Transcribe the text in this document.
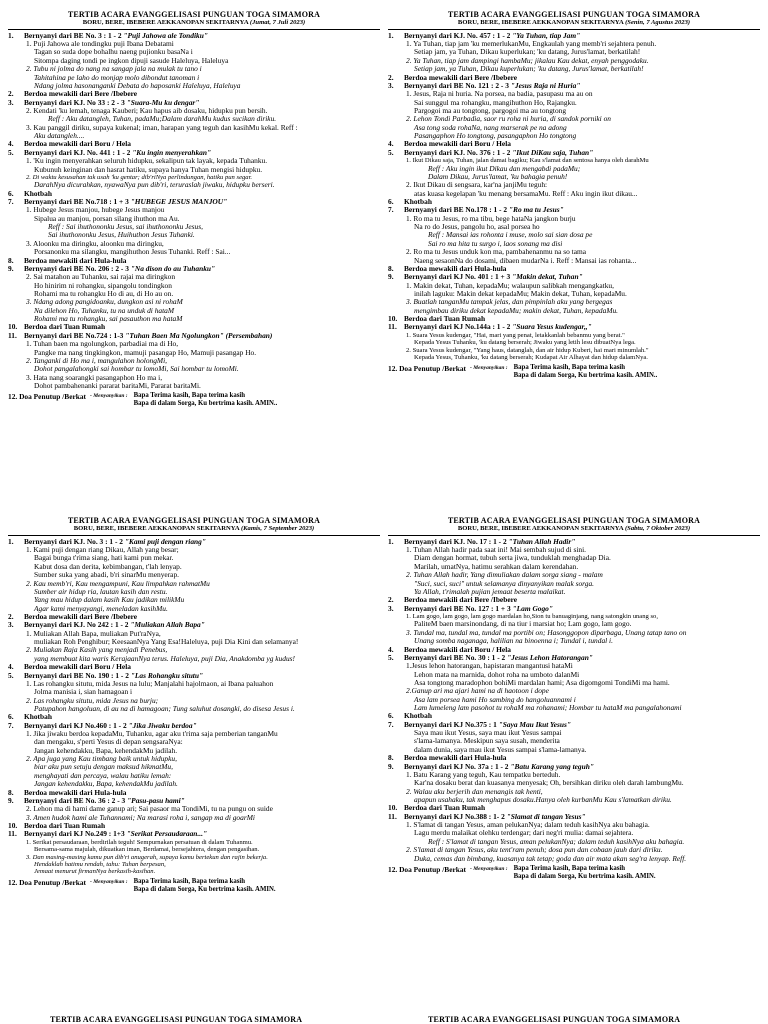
TERTIB ACARA EVANGGELISASI PUNGUAN TOGA SIMAMORA
BORU, BERE, IBEBERE AEKKANOPAN SEKITARNYA (Jumat, 7 Juli 2023)
1.	Bernyanyi dari BE No. 3 : 1 - 2 "Puji Jahowa ale Tondiku"
1. Puji Jahowa ale tondingku puji Ibana Debatami
Tagan so suda dope bohalhu naeng pujionku basaNa i
Sitompa daging tondi pe ingkon dipuji sasude Haleluya, Haleluya
2. Tubu ni jolma do nang na sangap jala na mulak tu tano i
Tahitahina pe laho do monjap molo dibondut tanoman i
Ndang jolma hasonanganki Debata do haposanki Haleluya, Haleluya
2.	Berdoa mewakili dari Bere /Ibebere
3.	Bernyanyi dari KJ. No 33 : 2 - 3 "Suara-Mu ku dengar"
2. Kendati 'ku lemah, tenaga Kauberi; Kau hapus aib dosaku, hidupku pun bersih.
Reff : Aku datangleh, Tuhan, padaMu;Dalam darahMu kudus sucikan diriku.
3. Kau panggil diriku, supaya kukenal; iman, harapan yang teguh dan kasihMu kekal. Reff :
Aku datangleh....
4.	Berdoa mewakili dari Boru / Hela
5.	Bernyanyi dari KJ. No. 441 : 1 - 2 "Ku ingin menyerahkan"
1. 'Ku ingin menyerahkan seluruh hidupku, sekalipun tak layak, kepada Tuhanku.
Kubunuh keinginan dan hasrat hatiku, supaya hanya Tuhan mengisi hidupku.
2. Di waktu kesusahan tak usah 'ku gentar; dib'riNya perlindungan, hatiku pun segar.
DarahNya dicurahkan, nyawaNya pun dib'ri, teruraslah jiwaku, hidupku berseri.
6.	Khotbah
7.	Bernyanyi dari BE No.718 : 1 + 3 "HUBEGE JESUS MANJOU"
1. Hubege Jesus manjou, hubege Jesus manjou
Sipalua au manjou, porsan silang ihuthon ma Au.
Reff : Sai ihuthononku Jesus, sai ihuthononku Jesus,
Sai ihuthononku Jesus, Huihuthon Jesus Tuhanki.
3. Aloonku ma diringku, aloonku ma diringku,
Porsanonku ma silangku, mangihuthon Jesus Tuhanki. Reff : Sai...
8.	Berdoa mewakili dari Hula-hula
9.	Bernyanyi dari BE No. 206 : 2 - 3 "Na dison do au Tuhanku"
2. Sai matahon au Tuhanku, sai rajai ma diringkon
Ho hinirim ni rohangku, sipangolu tondingkon
Rohami ma tu rohangku Ho di au, di Ho au on.
3. Ndang adong pangidoanku, dungkon asi ni rohaM
Na dilehon Ho, Tuhanku, tu na unduk di hataM
Rohami ma tu rohangku, sai pasauthon ma hataM
10. Berdoa dari Tuan Rumah
11. Bernyanyi dari BE No.724 : 1-3 "Tuhan Baen Ma Ngolungkon" (Persembahan)
1. Tuhan baen ma ngolungkon, parbadiai ma di Ho,
Pangke ma nang tingkingkon, mamuji pasangap Ho, Mamuji pasangap Ho.
2. Tanganki di Ho ma i, mangulahon holongMi,
Dohot pangalahongki sai hombar tu lomoMi, Sai hombar tu lomoMi.
3. Hata nang soarangki pasangaphon Ho ma i,
Dohot pambahenanki pararat baritaMi, Pararat baritaMi.
12. Doa Penutup /Berkat - Menyanyikan : Bapa Terima kasih, Bapa terima kasih
Bapa di dalam Sorga, Ku bertrima kasih. AMIN..
TERTIB ACARA EVANGGELISASI PUNGUAN TOGA SIMAMORA
BORU, BERE, IBEBERE AEKKANOPAN SEKITARNYA (Senin, 7 Agustus 2023)
1.	Bernyanyi dari KJ. No. 457 : 1 - 2 "Ya Tuhan, tiap Jam"
1. Ya Tuhan, tiap jam 'ku memerlukanMu, Engkaulah yang memb'ri sejahtera penuh.
Setiap jam, ya Tuhan, Dikau kuperlukan; 'ku datang, Jurus'lamat, berkatilah!
2. Ya Tuhan, tiap jam dampingi hambaMu; jikalau Kau dekat, enyah penggodaku.
Setiap jam, ya Tuhan, Dikau kuperlukan; 'ku datang, Jurus'lamat, berkatilah!
2.	Berdoa mewakili dari Bere /Ibebere
3.	Bernyanyi dari BE No. 121 : 2 - 3 "Jesus Raja ni Huria"
1. Jesus, Raja ni huria. Na porsea, na badia, pasupasu ma au on
Sai sunggul ma rohangku, mangihuthon Ho, Rajangku.
Pargogoi ma au tongtong, pargogoi ma au tongtong
2. Lehon Tondi Parbadia, saor ru roha ni huria, di sandok porniki on
Asa tong soda rohaNa, nang marserak pe na adong
Pasangaphon Ho tongtong, pasangaphon Ho tongtong
4.	Berdoa mewakili dari Boru / Hela
5.	Bernyanyi dari KJ. No. 376 : 1 - 2 "Ikut DiKau saja, Tuhan"
1. Ikut Dikau saja, Tuhan, jalan damai bagiku; Kau s'lamat dan sentosa hanya oleh darahMu
Reff : Aku ingin ikut Dikau dan mengabdi padaMu;
Dalam Dikau, Jurus'lamat, 'ku bahagia penuh!
2. Ikut Dikau di sengsara, kar'na janjiMu teguh:
atas kuasa kegelapan 'ku menang bersamaMu. Reff : Aku ingin ikut dikau...
6.	Khotbah
7.	Bernyanyi dari BE No.178 : 1 - 2 "Ro ma tu Jesus"
1. Ro ma tu Jesus, ro ma tibu, bege hataNa jangkon burju
Na ro do Jesus, pangolu ho, asal porsea ho
Reff : Mansai ias rohonta i muse, molo sai sian dosa pe
Sai ro ma hita tu surgo i, laos sonang ma disi
2. Ro ma tu Jesus unduk kon ma, pambahenanmu na so tama
Naeng sesaonNa do dosami, dibaen mudarNa i. Reff : Mansai ias rohanta...
8.	Berdoa mewakili dari Hula-hula
9.	Bernyanyi dari KJ No. 401 : 1 + 3 "Makin dekat, Tuhan"
1. Makin dekat, Tuhan, kepadaMu; walaupun salibkah mengangkatku,
inilah laguku: Makin dekat kepadaMu; Makin dekat, Tuhan, kepadaMu.
3. Buatlah tanganMu tampak jelas, dan pimpinlah aku yang bergegas
mengimbau diriku dekat kepadaMu; makin dekat, Tuhan, kepadaMu.
10. Berdoa dari Tuan Rumah
11. Bernyanyi dari KJ No.144a : 1 - 2 "Suara Yesus kudengar,,"
1. Suara Yesus kudengar, "Hai, mari yang penat, letakkanlah bebanmu yang berat."
Kepada Yesus Tuhanku, 'ku datang berserah; Jiwaku yang letih lesu dibuatNya lega.
2. Suara Yesus kudengar, "Yang haus, datanglah, dan air hidup Kuberi, hai mari minumlah."
Kepada Yesus, Tuhanku, 'ku datang berserah; Kudapat Air Alhayat dan hidup dalamNya.
12. Doa Penutup /Berkat - Menyanyikan : Bapa Terima kasih, Bapa terima kasih
Bapa di dalam Sorga, Ku bertrima kasih. AMIN..
TERTIB ACARA EVANGGELISASI PUNGUAN TOGA SIMAMORA
BORU, BERE, IBEBERE AEKKANOPAN SEKITARNYA (Kamis, 7 September 2023)
1.	Bernyanyi dari KJ. No. 3 : 1 - 2 "Kami puji dengan riang"
1. Kami puji dengan riang Dikau, Allah yang besar;
Bagai bunga t'rima siang, hati kami pun mekar.
Kabut dosa dan derita, kebimbangan, t'lah lenyap.
Sumber suka yang abadi, b'ri sinarMu menyerap.
2. Kau memb'ri, Kau mengampuni, Kau limpahkan rahmatMu
Sumber air hidup ria, lautan kasih dan restu.
Yang mau hidup dalam kasih Kau jadikan milikMu
Agar kami menyayangi, meneladan kasihMu.
2.	Berdoa mewakili dari Bere /Ibebere
3.	Bernyanyi dari KJ. No 242 : 1 - 2 "Muliakan Allah Bapa"
1. Muliakan Allah Bapa, muliakan Put'raNya,
muliakan Roh Penghibur; KeesaanNya Yang Esa!Haleluya, puji Dia Kini dan selamanya!
2. Muliakan Raja Kasih yang menjadi Penebus,
yang membuat kita waris KerajaanNya terus. Haleluya, puji Dia, Anakdomba yg kudus!
4.	Berdoa mewakili dari Boru / Hela
5.	Bernyanyi dari BE No. 190 : 1 - 2 "Las Rohangku situtu"
1. Las rohangku situtu, mida Jesus na lulu; Manjalahi hajolmaon, ai Ibana paluahon
Jolma manisia i, sian hamagoan i
2. Las rohangku situtu, mida Jesus na burju;
Patupahon hangoluan, di au na di hamagoan; Tung saluhut dosangki, do disesa Jesus i.
6.	Khotbah
7.	Bernyanyi dari KJ No.460 : 1 - 2 "Jika Jiwaku berdoa"
1. Jika jiwaku berdoa kepadaMu, Tuhanku, agar aku t'rima saja pemberian tanganMu
dan mengaku, s'perti Yesus di depan sengsaraNya:
Jangan kehendakku, Bapa, kehendakMu jadilah.
2. Apa juga yang Kau timbang baik untuk hidupku,
biar aku pun setuju dengan maksud hikmatMu,
menghayati dan percaya, walau hatiku lemah:
Jangan kehendakku, Bapa, kehendakMu jadilah.
8.	Berdoa mewakili dari Hula-hula
9.	Bernyanyi dari BE No. 36 : 2 - 3 "Pasu-pasu hami"
2. Lehon ma di hami dame ganup ari; Sai pasaor ma TondiMi, tu na pungu on suide
3. Amen hudok hami ale Tuhannami; Na marasi roha i, sangap ma di goarMi
10. Berdoa dari Tuan Rumah
11. Bernyanyi dari KJ No.249 : 1+3 "Serikat Persaudaraan..."
1. Serikat persaudaraan, berdirilah teguh! Sempurnakan persatuan di dalam Tuhanmu.
Bersama-sama majulah, dikuatkan iman, Berdamai, bersejahtera, dengan pengasihan.
3. Dan masing-masing kamu pun dib'ri anugerah, supaya kamu bertekun dan rajin bekerja.
Hendaklah hatimu rendah, tahu: Tuhan berpesan,
Jemaat menurut firmanNya berkasih-kasihan.
12. Doa Penutup /Berkat - Menyanyikan : Bapa Terima kasih, Bapa terima kasih
Bapa di dalam Sorga, Ku bertrima kasih. AMIN.
TERTIB ACARA EVANGGELISASI PUNGUAN TOGA SIMAMORA
BORU, BERE, IBEBERE AEKKANOPAN SEKITARNYA (Sabtu, 7 Oktober 2023)
1.	Bernyanyi dari KJ. No. 17 : 1 - 2 "Tuhan Allah Hadir"
1. Tuhan Allah hadir pada saat ini! Mai sembah sujud di sini.
Diam dengan hormat, tubuh serta jiwa, tunduklah menghadap Dia.
Marilah, umatNya, hatimu serahkan dalam kerendahan.
2. Tuhan Allah hadir, Yang dimuliakan dalam sorga siang - malam
"Suci, suci, suci" untuk selamanya dinyanyikan malak sorga.
Ya Allah, t'rimalah pujian jemaat beserta malaikat.
2.	Berdoa mewakili dari Bere /Ibebere
3.	Bernyanyi dari BE No. 127 : 1 + 3 "Lam Gogo"
1. Lam gogo, lam gogo, lam gogo mardalan ho,Sion tu banuaginjang, nang satongkin unang so,
PaliteM baen marsinondang, di na tiur i marsiat ho; Lam gogo, lam gogo.
3. Tundal ma, tundal ma, tundal ma portibi on; Hasonggopon diparbaga, Unang tatap tano on
Unang somba naganaga, halilian na binoenna i; Tundal i, tundal i.
4.	Berdoa mewakili dari Boru / Hela
5.	Bernyanyi dari BE No. 30 : 1 - 2 "Jesus Lehon Hatorangan"
1.Jesus lehon hatorangan, hapistaran mangantusi hataMi
Lehon mata na marnida, dohot roha na umboto dalanMi
Asa tongtong maradophon bohiMi mardalan hami; Asa digomgomi TondiMi ma hami.
2.Ganup ari ma ajari hami na di haotoon i dope
Asa lam porsea hami Ho sambing do hangoluannami i
Lam lumeleng lam pasohot tu rohaM ma rohanami; Hombar tu hataM ma pangalahonami
6.	Khotbah
7.	Bernyanyi dari KJ No.375 : 1 "Saya Mau Ikut Yesus"
Saya mau ikut Yesus, saya mau ikut Yesus sampai
s'lama-lamanya. Meskipun saya susah, menderita
dalam dunia, saya mau ikut Yesus sampai s'lama-lamanya.
8.	Berdoa mewakili dari Hula-hula
9.	Bernyanyi dari KJ No. 37a : 1 - 2 "Batu Karang yang teguh"
1. Batu Karang yang teguh, Kau tempatku berteduh.
Kar'na dosaku berat dan kuasanya menyesak; Oh, bersihkan diriku oleh darah lambungMu.
2. Walau aku berjerih dan menangis tak henti,
apapun usahaku, tak menghapus dosaku.Hanya oleh kurbanMu Kau s'lamatkan diriku.
10. Berdoa dari Tuan Rumah
11. Bernyanyi dari KJ No.388 : 1- 2 "Slamat di tangan Yesus"
1. S'lamat di tangan Yesus, aman pelukanNya; dalam teduh kasihNya aku bahagia.
Lagu merdu malaikat olehku terdengar; dari neg'ri mulia: damai sejahtera.
Reff : S'lamat di tangan Yesus, aman pelukanNya; dalam teduh kasihNya aku bahagia.
2. S'lamat di tangan Yesus, aku tent'ram penuh; dosa pun dan cobaan jauh dari diriku.
Duka, cemas dan bimbang, kuasanya tak tetap; goda dan air mata akan seg'ra lenyap. Reff.
12. Doa Penutup /Berkat - Menyanyikan : Bapa Terima kasih, Bapa terima kasih
Bapa di dalam Sorga, Ku bertrima kasih. AMIN.
TERTIB ACARA EVANGGELISASI PUNGUAN TOGA SIMAMORA	TERTIB ACARA EVANGGELISASI PUNGUAN TOGA SIMAMORA
